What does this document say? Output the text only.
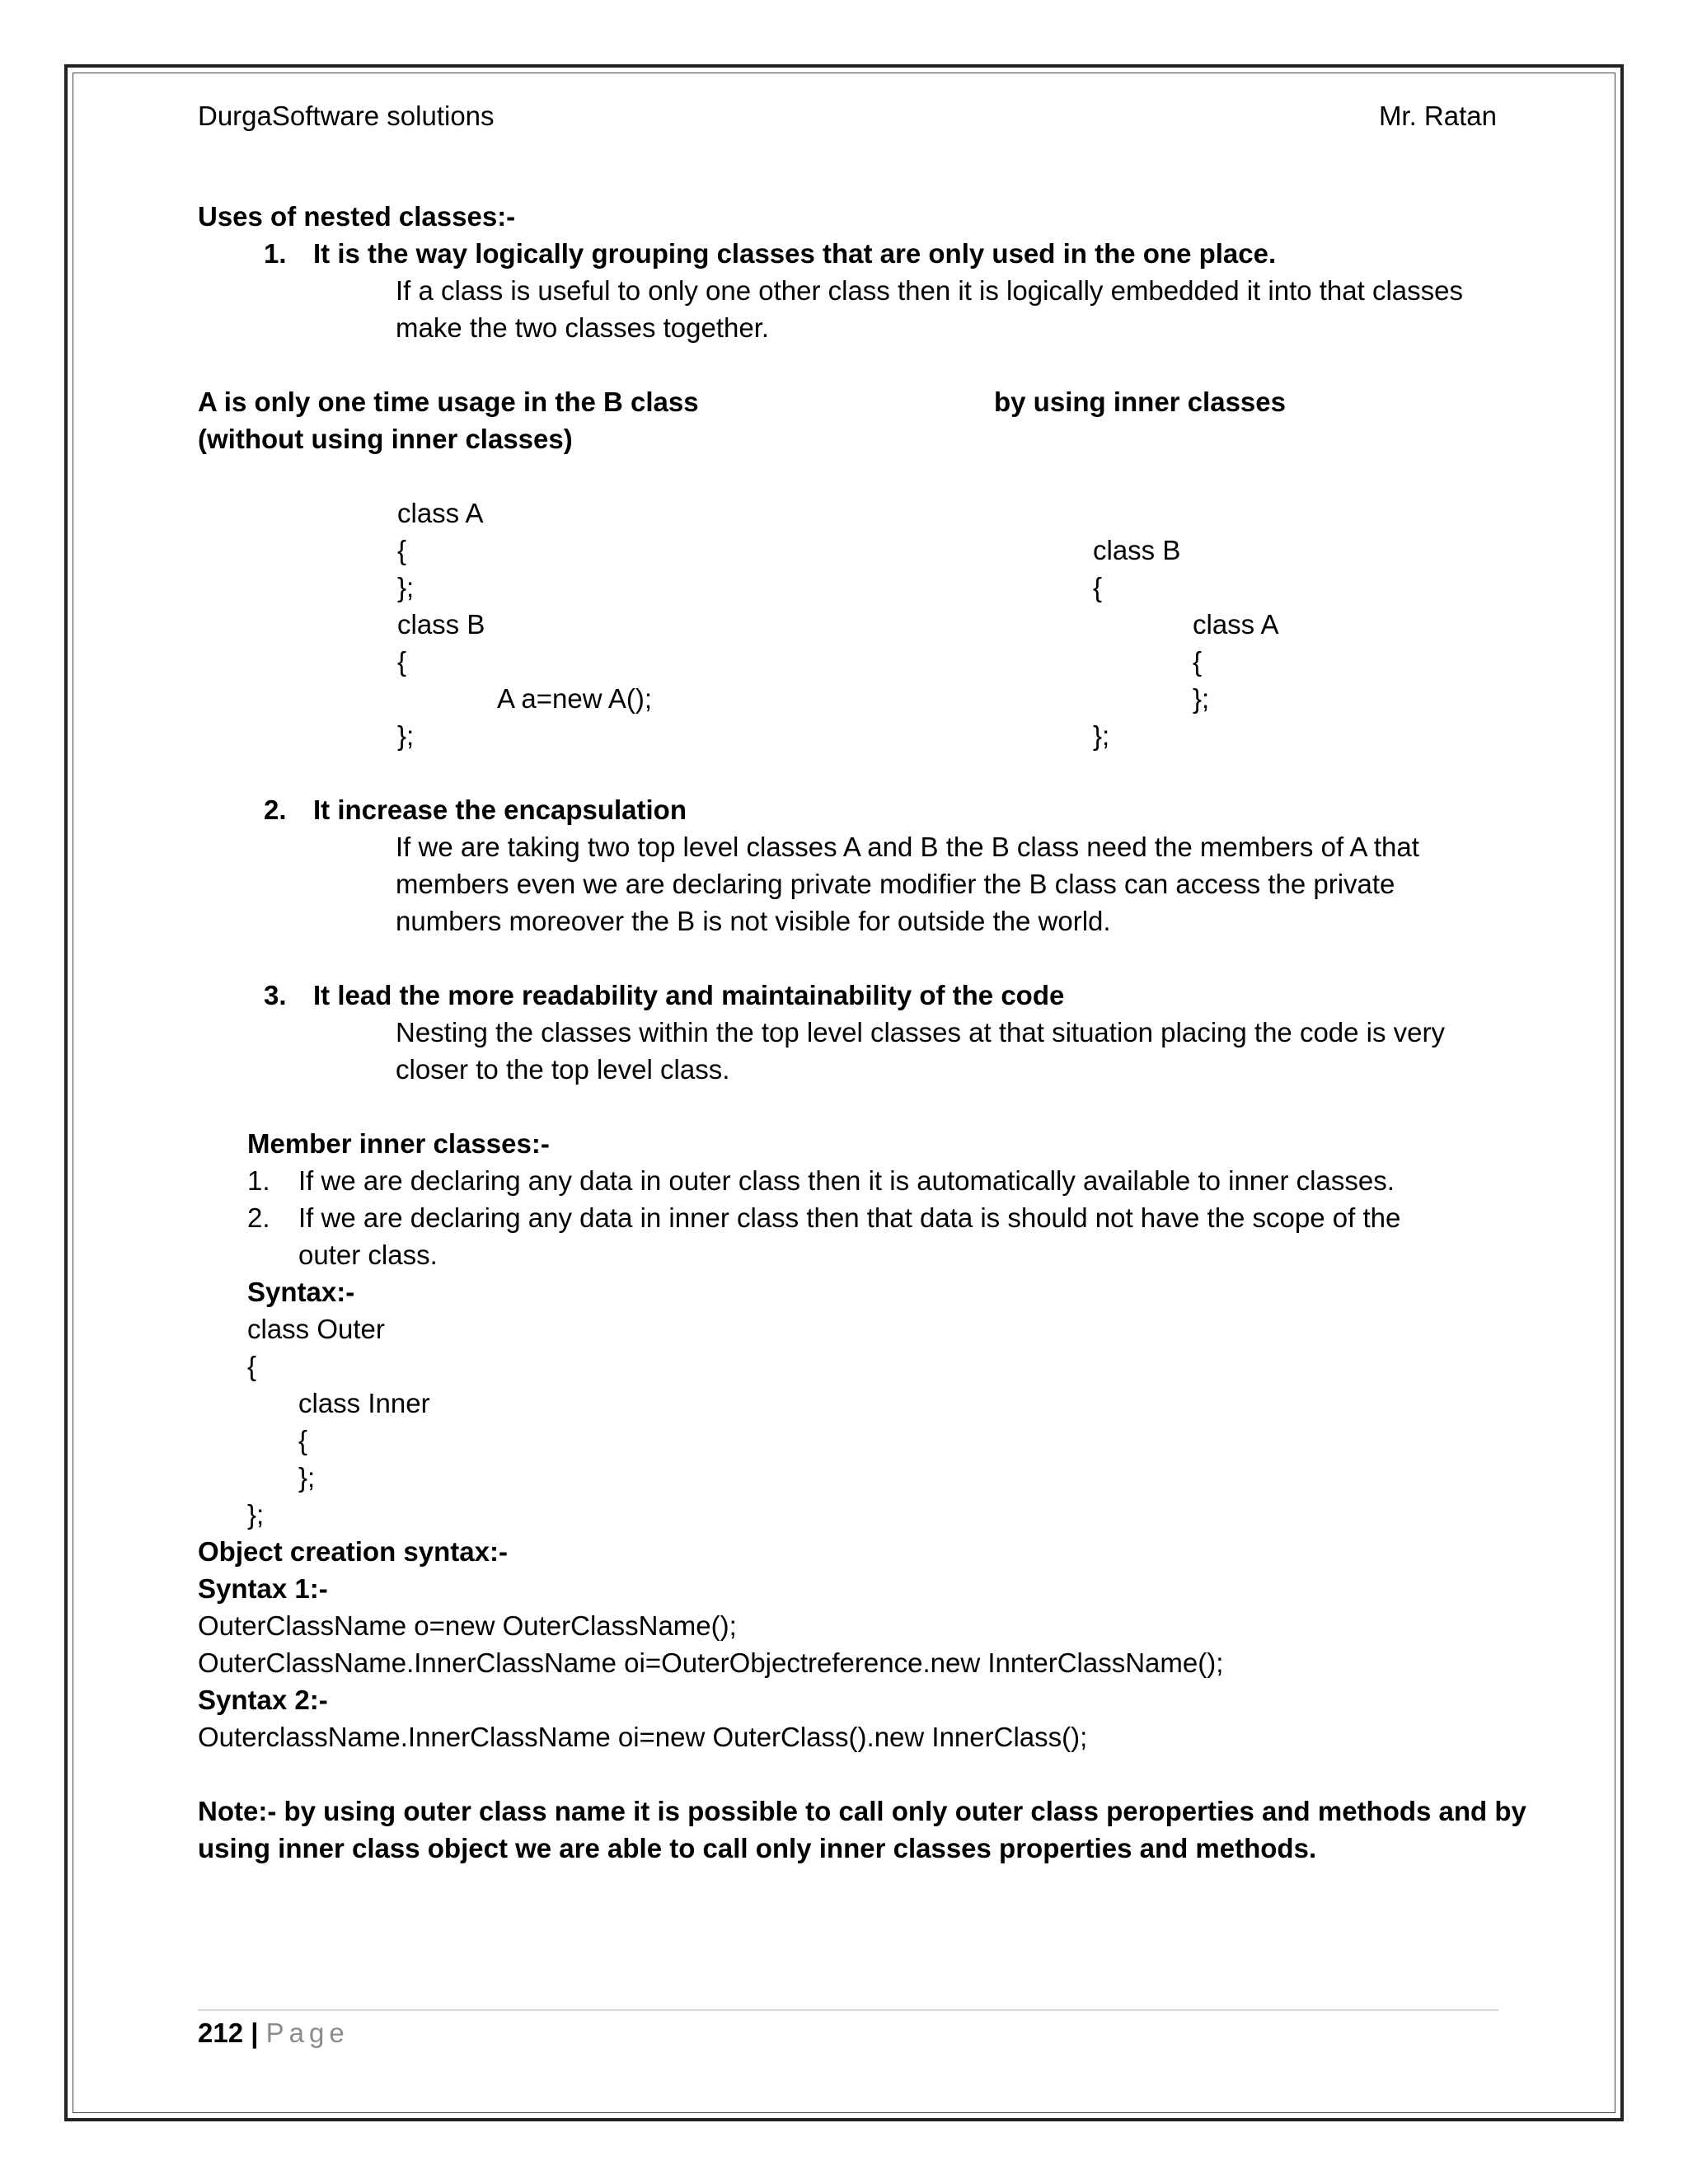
DurgaSoftware solutions	Mr. Ratan
Uses of nested classes:-
1. It is the way logically grouping classes that are only used in the one place.
If a class is useful to only one other class then it is logically embedded it into that classes
make the two classes together.
A is only one time usage in the B class
(without using inner classes)
by using inner classes
class A
{
};
class B
{
A a=new A();
};
class B
{
class A
{
};
};
2. It increase the encapsulation
If we are taking two top level classes A and B the B class need the members of A that
members even we are declaring private modifier the B class can access the private
numbers moreover the B is not visible for outside the world.
3. It lead the more readability and maintainability of the code
Nesting the classes within the top level classes at that situation placing the code is very
closer to the top level class.
Member inner classes:-
1. If we are declaring any data in outer class then it is automatically available to inner classes.
2. If we are declaring any data in inner class then that data is should not have the scope of the
outer class.
Syntax:-
class Outer
{
class Inner
{
};
};
Object creation syntax:-
Syntax 1:-
OuterClassName o=new OuterClassName();
OuterClassName.InnerClassName oi=OuterObjectreference.new InnterClassName();
Syntax 2:-
OuterclassName.InnerClassName oi=new OuterClass().new InnerClass();
Note:- by using outer class name it is possible to call only outer class peroperties and methods and by
using inner class object we are able to call only inner classes properties and methods.
212 | Page
